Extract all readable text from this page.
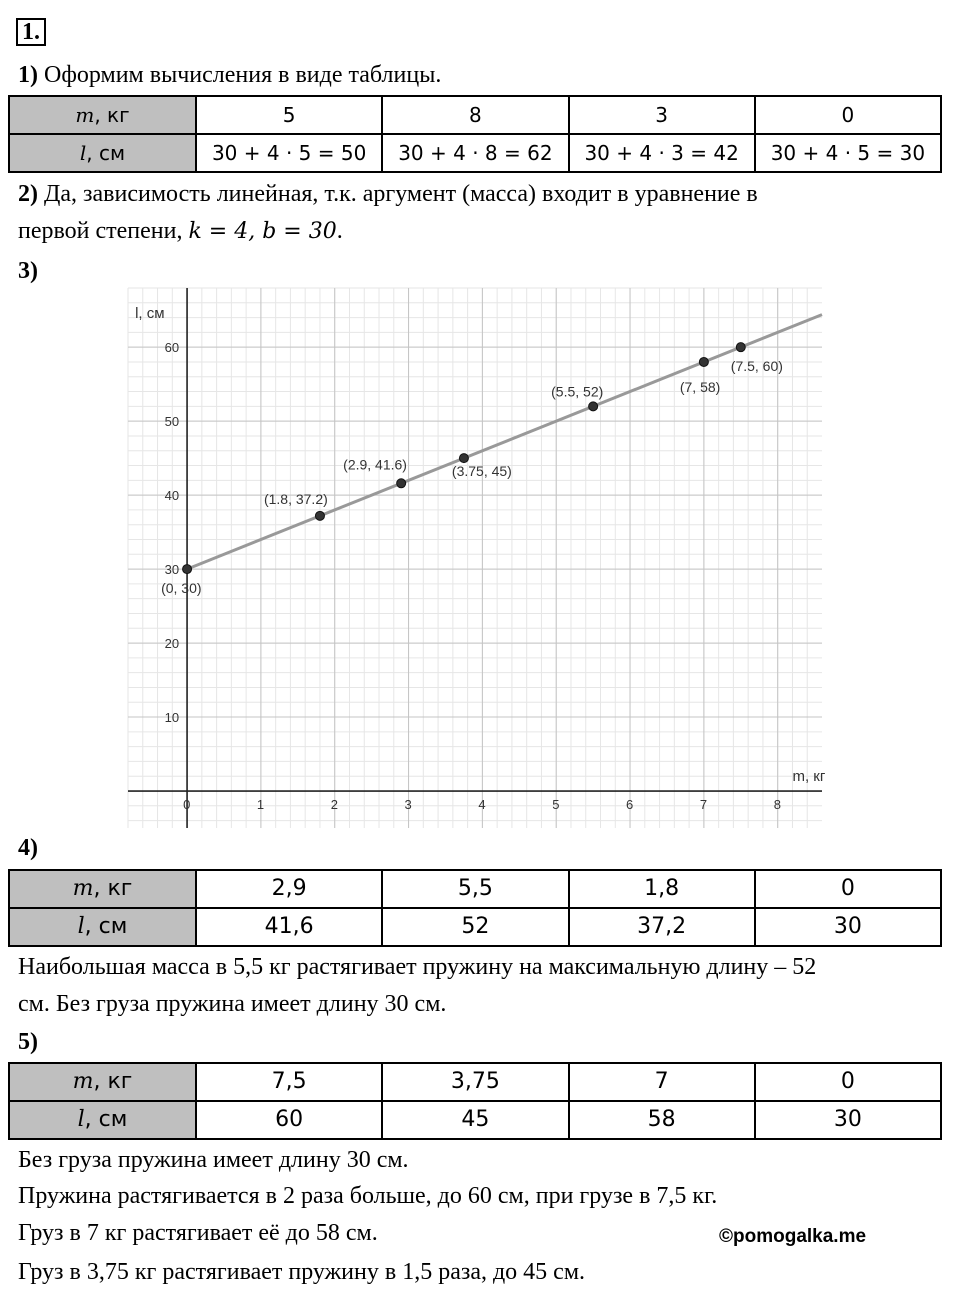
1.
1) Оформим вычисления в виде таблицы.
m, кг	5	8	3	0
l, см	30 + 4 · 5 = 50	30 + 4 · 8 = 62	30 + 4 · 3 = 42	30 + 4 · 5 = 30
2) Да, зависимость линейная, т.к. аргумент (масса) входит в уравнение в
первой степени, k = 4, b = 30.
3)
0	1	2	3	4	5	6	7	8
10
20
30
40
50
60
(0, 30)
(1.8, 37.2)
(2.9, 41.6)	(3.75, 45)
(5.5, 52)	(7, 58)
(7.5, 60)
l, см
m, кг
4)
m, кг	2,9	5,5	1,8	0
l, см	41,6	52	37,2	30
Наибольшая масса в 5,5 кг растягивает пружину на максимальную длину – 52
см. Без груза пружина имеет длину 30 см.
5)
m, кг	7,5	3,75	7	0
l, см	60	45	58	30
Без груза пружина имеет длину 30 см.
Пружина растягивается в 2 раза больше, до 60 см, при грузе в 7,5 кг.
Груз в 7 кг растягивает её до 58 см.
Груз в 3,75 кг растягивает пружину в 1,5 раза, до 45 см.
©pomogalka.me
